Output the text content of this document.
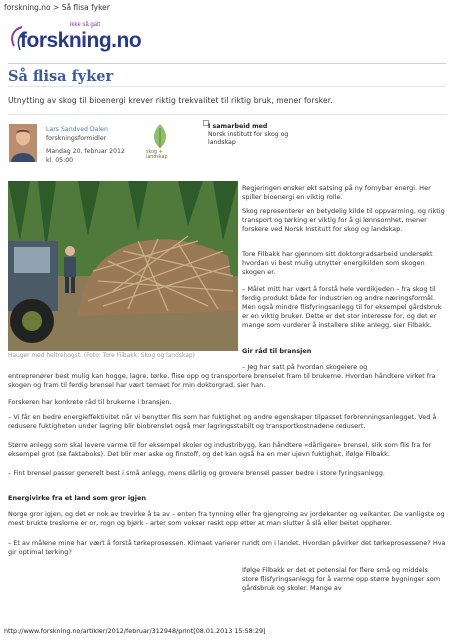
forskning.no > Så flisa fyker
ikke så galt
forskning.no
Så flisa fyker

Utnytting av skog til bioenergi krever riktig trekvalitet til riktig bruk, mener forsker.

Lars Sandved Dalen
forskningsformidler
Mandag 20. februar 2012
kl. 05:00
skog + landskap
I samarbeid med
Norsk institutt for skog og landskap
Hauger med heltrehogst. (Foto: Tore Filbakk, Skog og landskap)

Regjeringen ønsker økt satsing på ny fornybar energi. Her spiller bioenergi en viktig rolle.

Skog representerer en betydelig kilde til oppvarming, og riktig transport og tørking er viktig for å gi lønnsomhet, mener forskere ved Norsk Institutt for skog og landskap.

Tore Filbakk har gjennom sitt doktorgradsarbeid undersøkt hvordan vi best mulig utnytter energikilden som skogen skogen er.

– Målet mitt har vært å forstå hele verdikjeden – fra skog til ferdig produkt både for industrien og andre næringsformål. Men også mindre flisfyringsanlegg til for eksempel gårdsbruk er en viktig bruker. Dette er det stor interesse for, og det er mange som vurderer å installere slike anlegg, sier Filbakk.

Gir råd til bransjen

– Jeg har satt på hvordan skogeiere og

entreprenører best mulig kan hogge, lagre, tørke, flise opp og transportere brenselet fram til brukerne. Hvordan håndtere virket fra skogen og fram til ferdig brensel har vært temaet for min doktorgrad, sier han.

Forskeren har konkrete råd til brukerne i bransjen.

– Vi får en bedre energieffektivitet når vi benytter flis som har fuktighet og andre egenskaper tilpasset forbrenningsanlegget. Ved å redusere fuktigheten under lagring blir biobrenslet også mer lagringsstabilt og transportkostnadene redusert.

Større anlegg som skal levere varme til for eksempel skoler og industribygg, kan håndtere «dårligere» brensel, slik som flis fra for eksempel grot (se faktaboks). Det blir mer aske og finstoff, og det kan også ha en mer ujevn fuktighet, ifølge Filbakk.

– Fint brensel passer generelt best i små anlegg, mens dårlig og grovere brensel passer bedre i store fyringsanlegg.

Energivirke fra et land som gror igjen

Norge gror igjen, og det er nok av trevirke å ta av – enten fra tynning eller fra gjengroing av jordekanter og veikanter. De vanligste og mest brukte treslorne er or, rogn og bjørk - arter som vokser raskt opp etter at man slutter å slå eller beitet opphører.

– Et av målene mine har vært å forstå tørkeprosessen. Klimaet varierer rundt om i landet. Hvordan påvirker det tørkeprosessene? Hva gir optimal tørking?

Ifølge Filbakk er det et potensial for flere små og middels store flisfyringsanlegg for å varme opp større bygninger som gårdsbruk og skoler. Mange av

http://www.forskning.no/artikler/2012/februar/312948/print[08.01.2013 15:58:29]
